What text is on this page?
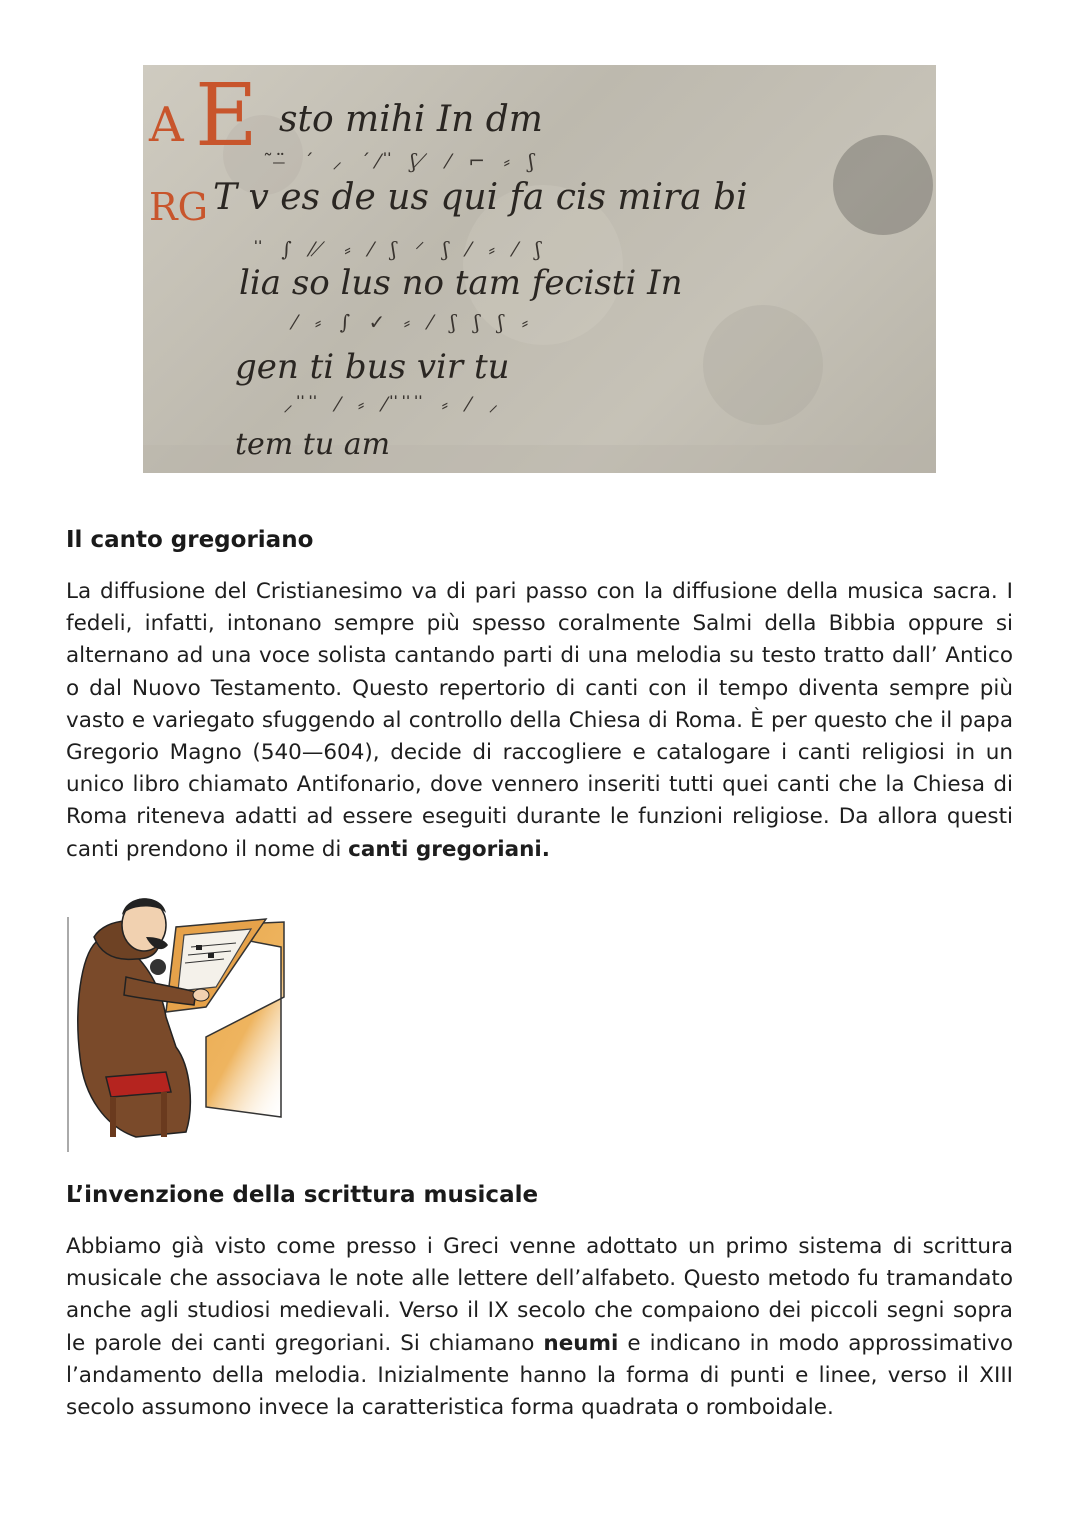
A E
RG
sto mihi In dm
˜ ̶̈ ´ ⸝ ´⁄ ̎ ʃ ̸ ⁄ ⌐ ⸗ ʃ
T v es de us qui fa cis mira bi
̎ ∫ ⁄ ̸ ⸗ ⁄ ʃ ⸍ ʃ ⁄ ⸗ ⁄ ʃ
lia so lus no tam fecisti In
⁄ ⸗ ∫ ✓ ⸗ ⁄ ʃ ʃ ʃ ⸗
gen ti bus vir tu
⸝ ̎ ̎ ⁄ ⸗ ⁄ ̎ ̎ ̎ ⸗ ⁄ ⸝
tem tu am
Il canto gregoriano

La diffusione del Cristianesimo va di pari passo con la diffusione della musica sacra. I fedeli, infatti, intonano sempre più spesso coralmente Salmi della Bibbia oppure si alternano ad una voce solista cantando parti di una melodia su testo tratto dall’ Antico o dal Nuovo Testamento. Questo repertorio di canti con il tempo diventa sempre più vasto e variegato sfuggendo al controllo della Chiesa di Roma. È per questo che il papa Gregorio Magno (540—604), decide di raccogliere e catalogare i canti religiosi in un unico libro chiamato Antifonario, dove vennero inseriti tutti quei canti che la Chiesa di Roma riteneva adatti ad essere eseguiti durante le funzioni religiose. Da allora questi canti prendono il nome di canti gregoriani.

L’invenzione della scrittura musicale

Abbiamo già visto come presso i Greci venne adottato un primo sistema di scrittura musicale che associava le note alle lettere dell’alfabeto. Questo metodo fu tramandato anche agli studiosi medievali. Verso il IX secolo che compaiono dei piccoli segni sopra le parole dei canti gregoriani. Si chiamano neumi e indicano in modo approssimativo l’andamento della melodia. Inizialmente hanno la forma di punti e linee, verso il XIII secolo assumono invece la caratteristica forma quadrata o romboidale.
